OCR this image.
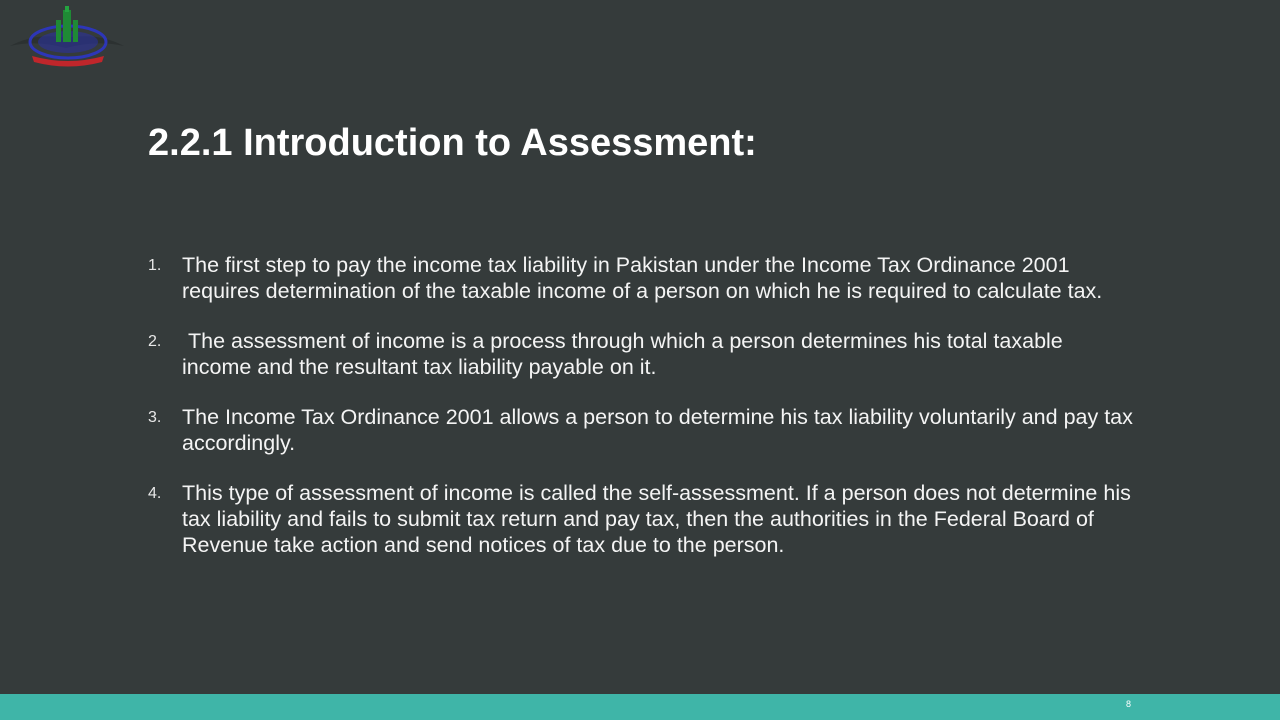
2.2.1 Introduction to Assessment:
1. The first step to pay the income tax liability in Pakistan under the Income Tax Ordinance 2001 requires determination of the taxable income of a person on which he is required to calculate tax.
2. The assessment of income is a process through which a person determines his total taxable income and the resultant tax liability payable on it.
3. The Income Tax Ordinance 2001 allows a person to determine his tax liability voluntarily and pay tax accordingly.
4. This type of assessment of income is called the self-assessment. If a person does not determine his tax liability and fails to submit tax return and pay tax, then the authorities in the Federal Board of Revenue take action and send notices of tax due to the person.
8
